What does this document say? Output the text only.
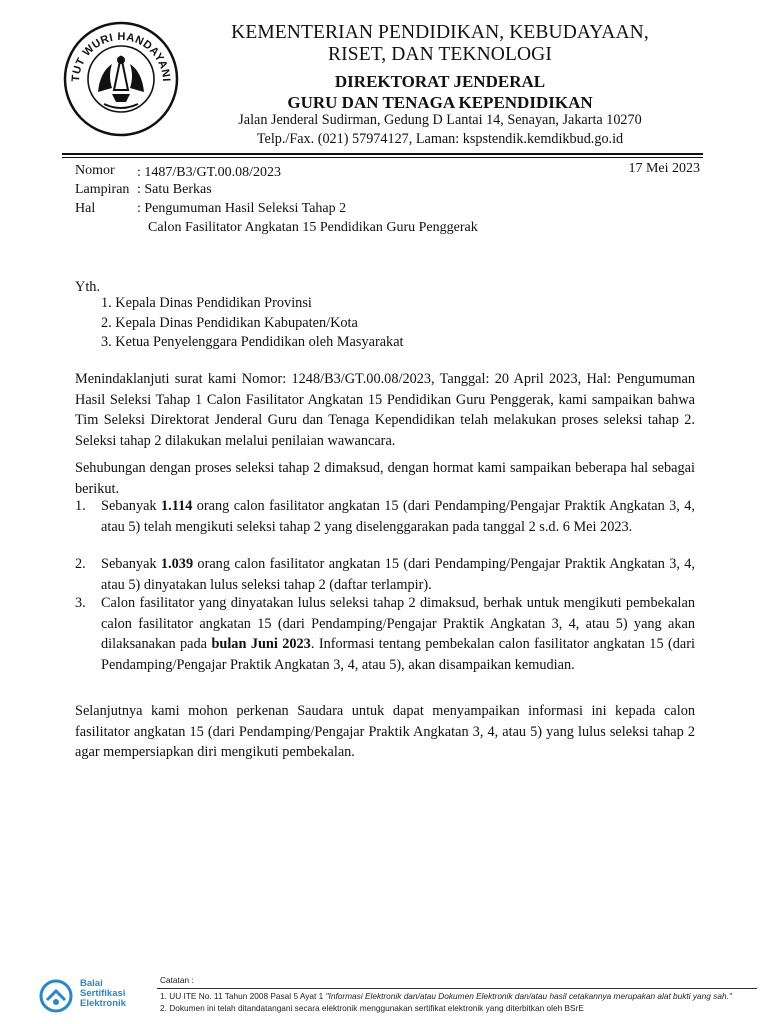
TUT WURI HANDAYANI
KEMENTERIAN PENDIDIKAN, KEBUDAYAAN,
RISET, DAN TEKNOLOGI
DIREKTORAT JENDERAL
GURU DAN TENAGA KEPENDIDIKAN
Jalan Jenderal Sudirman, Gedung D Lantai 14, Senayan, Jakarta 10270
Telp./Fax. (021) 57974127, Laman: kspstendik.kemdikbud.go.id
Nomor : 1487/B3/GT.00.08/2023
Lampiran : Satu Berkas
Hal	: Pengumuman Hasil Seleksi Tahap 2
Calon Fasilitator Angkatan 15 Pendidikan Guru Penggerak
17 Mei 2023
Yth.
1. Kepala Dinas Pendidikan Provinsi
2. Kepala Dinas Pendidikan Kabupaten/Kota
3. Ketua Penyelenggara Pendidikan oleh Masyarakat

Menindaklanjuti surat kami Nomor: 1248/B3/GT.00.08/2023, Tanggal: 20 April 2023, Hal: Pengumuman Hasil Seleksi Tahap 1 Calon Fasilitator Angkatan 15 Pendidikan Guru Penggerak, kami sampaikan bahwa Tim Seleksi Direktorat Jenderal Guru dan Tenaga Kependidikan telah melakukan proses seleksi tahap 2. Seleksi tahap 2 dilakukan melalui penilaian wawancara.

Sehubungan dengan proses seleksi tahap 2 dimaksud, dengan hormat kami sampaikan beberapa hal sebagai berikut.

1. Sebanyak 1.114 orang calon fasilitator angkatan 15 (dari Pendamping/Pengajar Praktik Angkatan 3, 4, atau 5) telah mengikuti seleksi tahap 2 yang diselenggarakan pada tanggal 2 s.d. 6 Mei 2023.

2. Sebanyak 1.039 orang calon fasilitator angkatan 15 (dari Pendamping/Pengajar Praktik Angkatan 3, 4, atau 5) dinyatakan lulus seleksi tahap 2 (daftar terlampir).

3. Calon fasilitator yang dinyatakan lulus seleksi tahap 2 dimaksud, berhak untuk mengikuti pembekalan calon fasilitator angkatan 15 (dari Pendamping/Pengajar Praktik Angkatan 3, 4, atau 5) yang akan dilaksanakan pada bulan Juni 2023. Informasi tentang pembekalan calon fasilitator angkatan 15 (dari Pendamping/Pengajar Praktik Angkatan 3, 4, atau 5), akan disampaikan kemudian.

Selanjutnya kami mohon perkenan Saudara untuk dapat menyampaikan informasi ini kepada calon fasilitator angkatan 15 (dari Pendamping/Pengajar Praktik Angkatan 3, 4, atau 5) yang lulus seleksi tahap 2 agar mempersiapkan diri mengikuti pembekalan.

Balai
Sertifikasi
Elektronik
Catatan :
1. UU ITE No. 11 Tahun 2008 Pasal 5 Ayat 1 "Informasi Elektronik dan/atau Dokumen Elektronik dan/atau hasil cetakannya merupakan alat bukti yang sah."
2. Dokumen ini telah ditandatangani secara elektronik menggunakan sertifikat elektronik yang diterbitkan oleh BSrE
